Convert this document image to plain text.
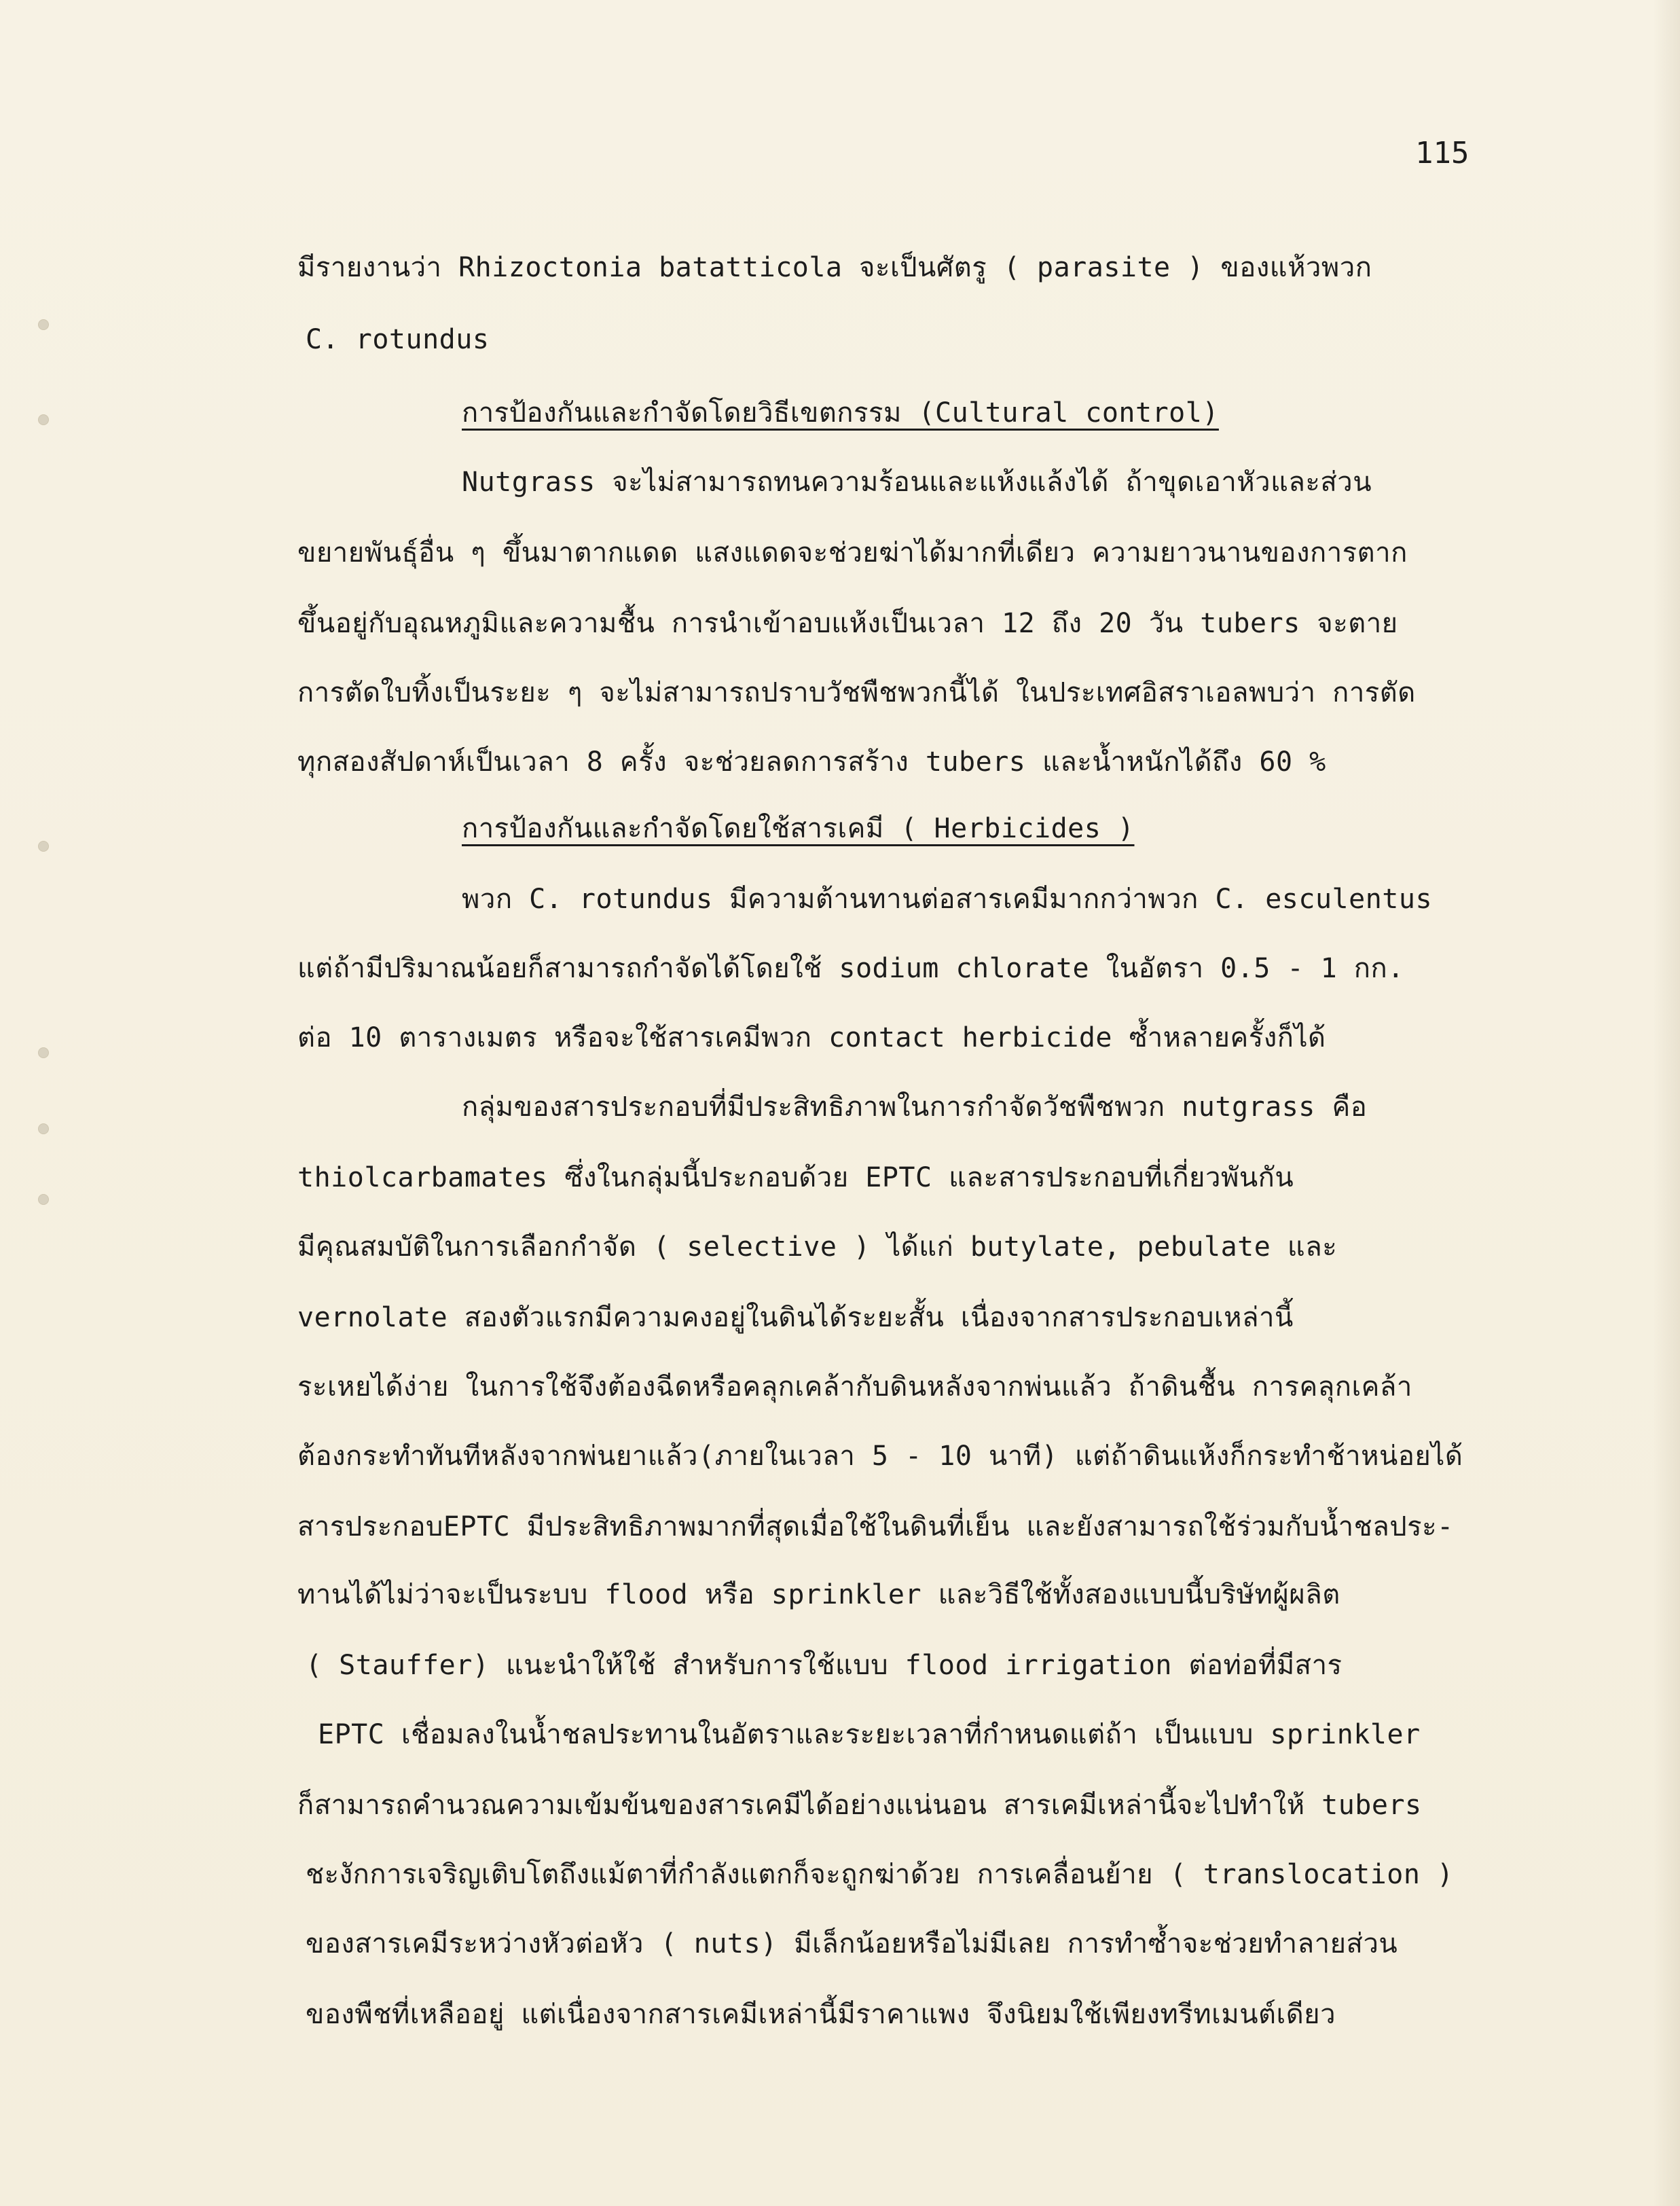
115
มีรายงานว่า Rhizoctonia batatticola จะเป็นศัตรู ( parasite ) ของแห้วพวก
C. rotundus
การป้องกันและกำจัดโดยวิธีเขตกรรม (Cultural control)
Nutgrass จะไม่สามารถทนความร้อนและแห้งแล้งได้ ถ้าขุดเอาหัวและส่วน
ขยายพันธุ์อื่น ๆ ขึ้นมาตากแดด แสงแดดจะช่วยฆ่าได้มากที่เดียว ความยาวนานของการตาก
ขึ้นอยู่กับอุณหภูมิและความชื้น การนำเข้าอบแห้งเป็นเวลา 12 ถึง 20 วัน tubers จะตาย
การตัดใบทิ้งเป็นระยะ ๆ จะไม่สามารถปราบวัชพืชพวกนี้ได้ ในประเทศอิสราเอลพบว่า การตัด
ทุกสองสัปดาห์เป็นเวลา 8 ครั้ง จะช่วยลดการสร้าง tubers และน้ำหนักได้ถึง 60 %
การป้องกันและกำจัดโดยใช้สารเคมี ( Herbicides )
พวก C. rotundus มีความต้านทานต่อสารเคมีมากกว่าพวก C. esculentus
แต่ถ้ามีปริมาณน้อยก็สามารถกำจัดได้โดยใช้ sodium chlorate ในอัตรา 0.5 - 1 กก.
ต่อ 10 ตารางเมตร หรือจะใช้สารเคมีพวก contact herbicide ซ้ำหลายครั้งก็ได้
กลุ่มของสารประกอบที่มีประสิทธิภาพในการกำจัดวัชพืชพวก nutgrass คือ
thiolcarbamates ซึ่งในกลุ่มนี้ประกอบด้วย EPTC และสารประกอบที่เกี่ยวพันกัน
มีคุณสมบัติในการเลือกกำจัด ( selective ) ได้แก่ butylate, pebulate และ
vernolate สองตัวแรกมีความคงอยู่ในดินได้ระยะสั้น เนื่องจากสารประกอบเหล่านี้
ระเหยได้ง่าย ในการใช้จึงต้องฉีดหรือคลุกเคล้ากับดินหลังจากพ่นแล้ว ถ้าดินชื้น การคลุกเคล้า
ต้องกระทำทันทีหลังจากพ่นยาแล้ว(ภายในเวลา 5 - 10 นาที) แต่ถ้าดินแห้งก็กระทำช้าหน่อยได้
สารประกอบEPTC มีประสิทธิภาพมากที่สุดเมื่อใช้ในดินที่เย็น และยังสามารถใช้ร่วมกับน้ำชลประ-
ทานได้ไม่ว่าจะเป็นระบบ flood หรือ sprinkler และวิธีใช้ทั้งสองแบบนี้บริษัทผู้ผลิต
( Stauffer) แนะนำให้ใช้ สำหรับการใช้แบบ flood irrigation ต่อท่อที่มีสาร
EPTC เชื่อมลงในน้ำชลประทานในอัตราและระยะเวลาที่กำหนดแต่ถ้า เป็นแบบ sprinkler
ก็สามารถคำนวณความเข้มข้นของสารเคมีได้อย่างแน่นอน สารเคมีเหล่านี้จะไปทำให้ tubers
ชะงักการเจริญเติบโตถึงแม้ตาที่กำลังแตกก็จะถูกฆ่าด้วย การเคลื่อนย้าย ( translocation )
ของสารเคมีระหว่างหัวต่อหัว ( nuts) มีเล็กน้อยหรือไม่มีเลย การทำซ้ำจะช่วยทำลายส่วน
ของพืชที่เหลืออยู่ แต่เนื่องจากสารเคมีเหล่านี้มีราคาแพง จึงนิยมใช้เพียงทรีทเมนต์เดียว
